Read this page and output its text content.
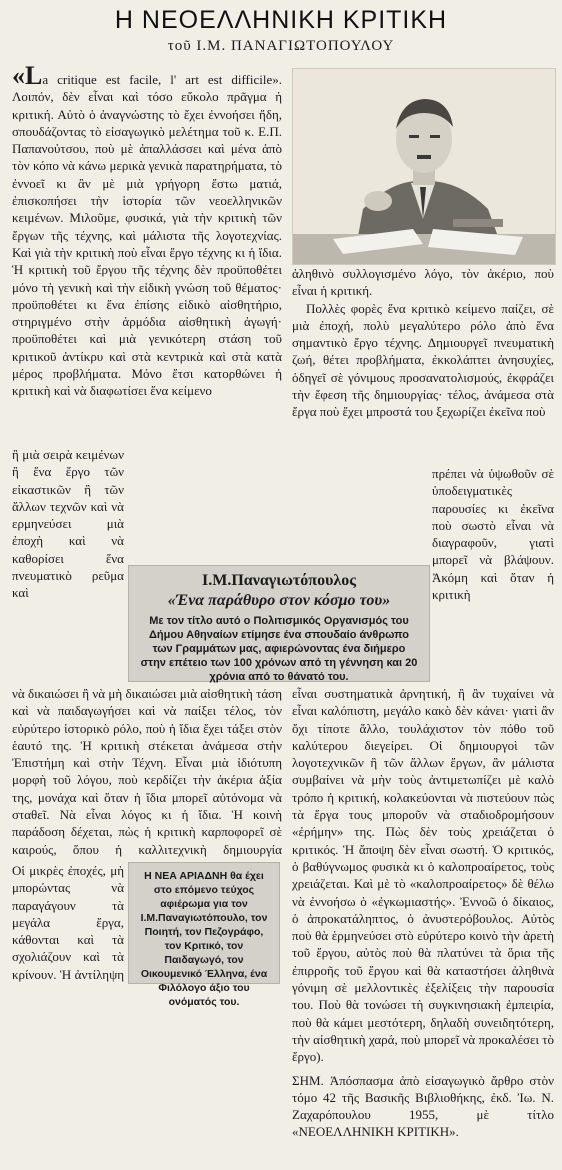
Η ΝΕΟΕΛΛΗΝΙΚΗ ΚΡΙΤΙΚΗ
τοῦ Ι.Μ. ΠΑΝΑΓΙΩΤΟΠΟΥΛΟΥ

«La critique est facile, l' art est difficile». Λοιπόν, δὲν εἶναι καὶ τόσο εὔκολο πρᾶγμα ἡ κριτική. Αὐτὸ ὁ ἀναγνώστης τὸ ἔχει ἐννοήσει ἤδη, σπουδάζοντας τὸ εἰσαγωγικὸ μελέτημα τοῦ κ. Ε.Π. Παπανοὐτσου, ποὺ μὲ ἀπαλλάσσει καὶ μένα ἀπὸ τὸν κόπο νὰ κάνω μερικὰ γενικὰ παρατηρήματα, τὸ ἐννοεῖ κι ἂν μὲ μιὰ γρήγορη ἔστω ματιά, ἐπισκοπήσει τὴν ἱστορία τῶν νεοελληνικῶν κειμένων. Μιλοῦμε, φυσικά, γιὰ τὴν κριτικὴ τῶν ἔργων τῆς τέχνης, καὶ μάλιστα τῆς λογοτεχνίας. Καὶ γιὰ τὴν κριτικὴ ποὺ εἶναι ἔργο τέχνης κι ἡ ἴδια. Ἡ κριτικὴ τοῦ ἔργου τῆς τέχνης δὲν προϋποθέτει μόνο τὴ γενικὴ καὶ τὴν εἰδικὴ γνώση τοῦ θέματος· προϋποθέτει κι ἕνα ἐπίσης εἰδικὸ αἰσθητήριο, στηριγμένο στὴν ἁρμόδια αἰσθητικὴ ἀγωγή· προϋποθέτει καὶ μιὰ γενικότερη στάση τοῦ κριτικοῦ ἀντίκρυ καὶ στὰ κεντρικὰ καὶ στὰ κατὰ μέρος προβλήματα. Μόνο ἔτσι κατορθώνει ἡ κριτικὴ καὶ νὰ διαφωτίσει ἕνα κείμενο

ἢ μιὰ σειρὰ κειμένων ἢ ἕνα ἔργο τῶν εἰκαστικῶν ἢ τῶν ἄλλων τεχνῶν καὶ νὰ ερμηνεύσει μιὰ ἐποχὴ καὶ νὰ καθορίσει ἕνα πνευματικὸ ρεῦμα καὶ

Ι.Μ.Παναγιωτόπουλος
«Ένα παράθυρο στον κόσμο του»
Με τον τίτλο αυτό ο Πολιτισμικός Οργανισμός του Δήμου Αθηναίων ετίμησε ένα σπουδαίο άνθρωπο των Γραμμάτων μας, αφιερώνοντας ένα διήμερο στην επέτειο των 100 χρόνων από τη γέννηση και 20 χρόνια από το θάνατό του.

νὰ δικαιώσει ἢ νὰ μὴ δικαιώσει μιὰ αἰσθητικὴ τάση καὶ νὰ παιδαγωγήσει καὶ νὰ παίξει τέλος, τὸν εὐρύτερο ἱστορικὸ ρόλο, ποὺ ἡ ἴδια ἔχει τάξει στὸν ἑαυτό της. Ἡ κριτικὴ στέκεται ἀνάμεσα στὴν Ἐπιστήμη καὶ στὴν Τέχνη. Εἶναι μιὰ ἰδιότυπη μορφὴ τοῦ λόγου, ποὺ κερδίζει τὴν ἀκέρια ἀξία της, μονάχα καὶ ὅταν ἡ ἴδια μπορεῖ αὐτόνομα νὰ σταθεῖ. Νὰ εἶναι λόγος κι ἡ ἴδια. Ἡ κοινὴ παράδοση δέχεται, πὼς ἡ κριτικὴ καρποφορεῖ σὲ καιρούς, ὅπου ἡ καλλιτεχνικὴ δημιουργία

Οἱ μικρὲς ἐποχές, μὴ μπορώντας νὰ παραγάγουν τὰ μεγάλα ἔργα, κάθονται καὶ τὰ σχολιάζουν καὶ τὰ κρίνουν. Ἡ ἀντίληψη

Η ΝΕΑ ΑΡΙΑΔΝΗ θα έχει στο επόμενο τεύχος αφιέρωμα για τον Ι.Μ.Παναγιωτόπουλο, τον Ποιητή, τον Πεζογράφο, τον Κριτικό, τον Παιδαγωγό, τον Οικουμενικό Έλληνα, ένα Φιλόλογο άξιο του ονόματός του.

ἀληθινὸ συλλογισμένο λόγο, τὸν ἀκέριο, ποὺ εἶναι ἡ κριτική.

Πολλὲς φορὲς ἕνα κριτικὸ κείμενο παίζει, σὲ μιὰ ἐποχή, πολὺ μεγαλύτερο ρόλο ἀπὸ ἕνα σημαντικὸ ἔργο τέχνης. Δημιουργεῖ πνευματικὴ ζωή, θέτει προβλήματα, ἐκκολάπτει ἀνησυχίες, ὁδηγεῖ σὲ γόνιμους προσανατολισμούς, ἐκφράζει τὴν ἔφεση τῆς δημιουργίας· τέλος, ἀνάμεσα στὰ ἔργα ποὺ ἔχει μπροστά του ξεχωρίζει ἐκεῖνα ποὺ

πρέπει νὰ ὑψωθοῦν σὲ ὑποδειγματικὲς παρουσίες κι ἐκεῖνα ποὺ σωστὸ εἶναι νὰ διαγραφοῦν, γιατὶ μπορεῖ νὰ βλάψουν. Ἀκόμη καὶ ὅταν ἡ κριτικὴ

εἶναι συστηματικὰ ἀρνητική, ἢ ἂν τυχαίνει νὰ εἶναι καλόπιστη, μεγάλο κακὸ δὲν κάνει· γιατὶ ἂν ὄχι τίποτε ἄλλο, τουλάχιστον τὸν πόθο τοῦ καλύτερου διεγείρει. Οἱ δημιουργοὶ τῶν λογοτεχνικῶν ἢ τῶν ἄλλων ἔργων, ἂν μάλιστα συμβαίνει νὰ μὴν τοὺς ἀντιμετωπίζει μὲ καλὸ τρόπο ἡ κριτική, κολακεύονται νὰ πιστεύουν πὼς τὰ ἔργα τους μποροῦν νὰ σταδιοδρομήσουν «ἐρήμην» της. Πὼς δὲν τοὺς χρειάζεται ὁ κριτικός. Ἡ ἄποψη δὲν εἶναι σωστή. Ὁ κριτικός, ὁ βαθύγνωμος φυσικὰ κι ὁ καλοπροαίρετος, τοὺς χρειάζεται. Καὶ μὲ τὸ «καλοπροαίρετος» δὲ θέλω νὰ ἐννοήσω ὁ «ἐγκωμιαστής». Ἐννοῶ ὁ δίκαιος, ὁ ἀπροκατάληπτος, ὁ ἀνυστερόβουλος. Αὐτὸς ποὺ θὰ ἑρμηνεύσει στὸ εὐρύτερο κοινὸ τὴν ἀρετὴ τοῦ ἔργου, αὐτὸς ποὺ θὰ πλατύνει τὰ ὅρια τῆς ἐπιρροῆς τοῦ ἔργου καὶ θὰ καταστήσει ἀληθινὰ γόνιμη σὲ μελλοντικὲς ἐξελίξεις τὴν παρουσία του. Ποὺ θὰ τονώσει τὴ συγκινησιακὴ ἐμπειρία, ποὺ θὰ κάμει μεστότερη, δηλαδὴ συνειδητότερη, τὴν αἰσθητικὴ χαρά, ποὺ μπορεῖ νὰ προκαλέσει τὸ ἔργο).

ΣΗΜ. Ἀπόσπασμα ἀπὸ εἰσαγωγικὸ ἄρθρο στὸν τόμο 42 τῆς Βασικῆς Βιβλιοθήκης, ἐκδ. Ἰω. Ν. Ζαχαρόπουλου 1955, μὲ τίτλο «ΝΕΟΕΛΛΗΝΙΚΗ ΚΡΙΤΙΚΗ».
